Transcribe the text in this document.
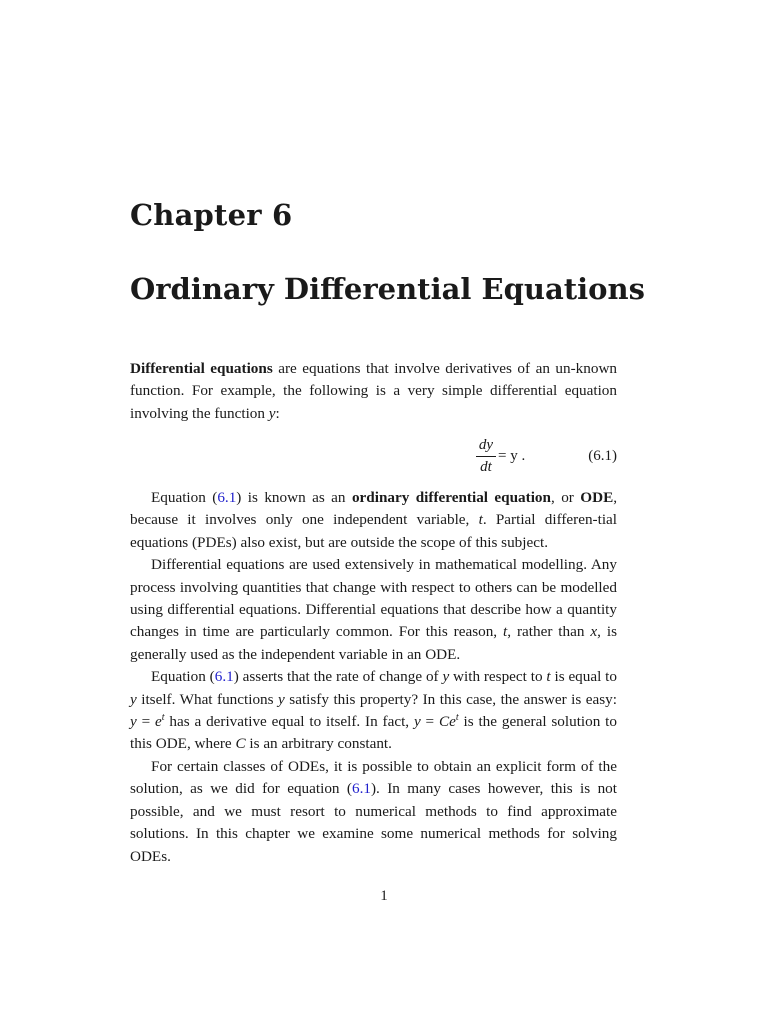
Chapter 6
Ordinary Differential Equations

Differential equations are equations that involve derivatives of an un-known function. For example, the following is a very simple differential equation involving the function y:

dy
dt
= y .	(6.1)

Equation (6.1) is known as an ordinary differential equation, or ODE, because it involves only one independent variable, t. Partial differen-tial equations (PDEs) also exist, but are outside the scope of this subject.

Differential equations are used extensively in mathematical modelling. Any process involving quantities that change with respect to others can be modelled using differential equations. Differential equations that describe how a quantity changes in time are particularly common. For this reason, t, rather than x, is generally used as the independent variable in an ODE.

Equation (6.1) asserts that the rate of change of y with respect to t is equal to y itself. What functions y satisfy this property? In this case, the answer is easy: $y = e^t$ has a derivative equal to itself. In fact, $y = Ce^t$ is the general solution to this ODE, where C is an arbitrary constant.

For certain classes of ODEs, it is possible to obtain an explicit form of the solution, as we did for equation (6.1). In many cases however, this is not possible, and we must resort to numerical methods to find approximate solutions. In this chapter we examine some numerical methods for solving ODEs.

1
